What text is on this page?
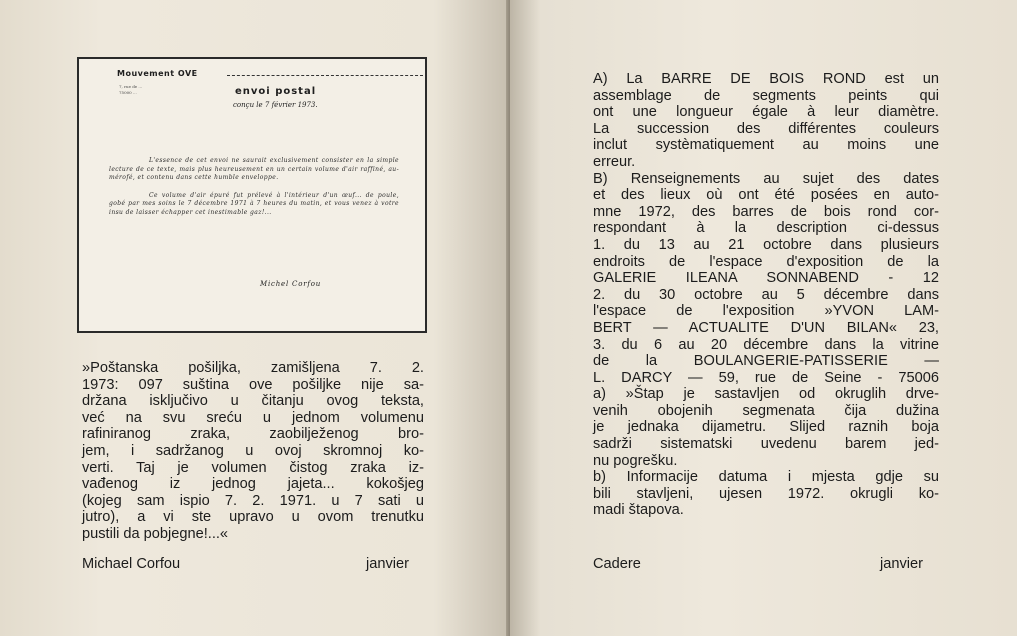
Mouvement OVE
7, rue de ...
75000 ...	envoi postal
conçu le 7 février 1973.

L'essence de cet envoi ne saurait exclusivement consister en la simple lecture de ce texte, mais plus heureusement en un certain volume d'air raffiné, au-mérofé, et contenu dans cette humble enveloppe.

Ce volume d'air épuré fut prélevé à l'intérieur d'un œuf... de poule, gobé par mes soins le 7 décembre 1971 à 7 heures du matin, et vous venez à votre insu de laisser échapper cet inestimable gaz!...

Michel Corfou
»Poštanska pošiljka, zamišljena 7. 2.
1973: 097 suština ove pošiljke nije sa-
držana isključivo u čitanju ovog teksta,
već na svu sreću u jednom volumenu
rafiniranog zraka, zaobilježenog bro-
jem, i sadržanog u ovoj skromnoj ko-
verti. Taj je volumen čistog zraka iz-
vađenog iz jednog jajeta... kokošjeg
(kojeg sam ispio 7. 2. 1971. u 7 sati u
jutro), a vi ste upravo u ovom trenutku
pustili da pobjegne!...«
Michael Corfou	janvier
A) La BARRE DE BOIS ROND est un
assemblage de segments peints qui
ont une longueur égale à leur diamètre.
La succession des différentes couleurs
inclut systèmatiquement au moins une
erreur.
B) Renseignements au sujet des dates
et des lieux où ont été posées en auto-
mne 1972, des barres de bois rond cor-
respondant à la description ci-dessus
1. du 13 au 21 octobre dans plusieurs
endroits de l'espace d'exposition de la
GALERIE ILEANA SONNABEND - 12
2. du 30 octobre au 5 décembre dans
l'espace de l'exposition »YVON LAM-
BERT — ACTUALITE D'UN BILAN« 23,
3. du 6 au 20 décembre dans la vitrine
de la BOULANGERIE-PATISSERIE —
L. DARCY — 59, rue de Seine - 75006
a) »Štap je sastavljen od okruglih drve-
venih obojenih segmenata čija dužina
je jednaka dijametru. Slijed raznih boja
sadrži sistematski uvedenu barem jed-
nu pogrešku.
b) Informacije datuma i mjesta gdje su
bili stavljeni, ujesen 1972. okrugli ko-
madi štapova.
Cadere	janvier
